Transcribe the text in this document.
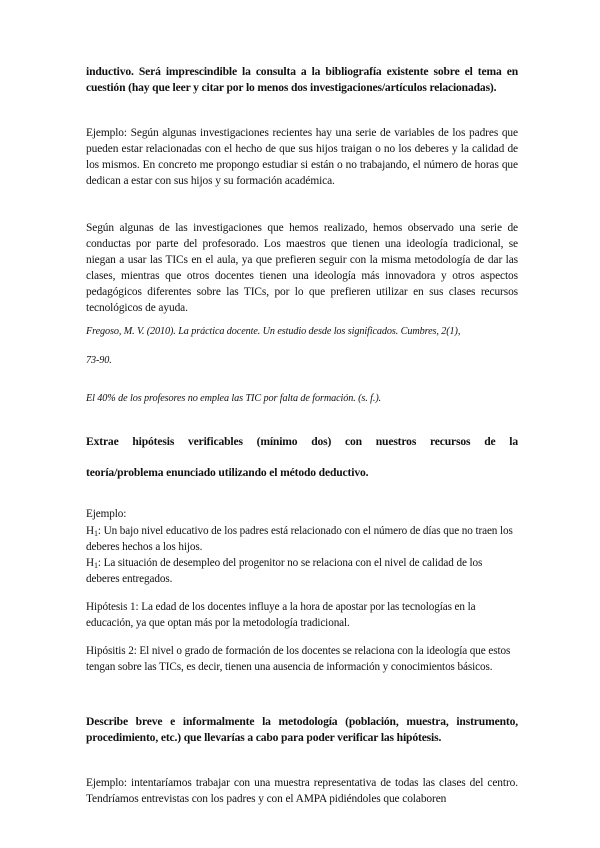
inductivo. Será imprescindible la consulta a la bibliografía existente sobre el tema en cuestión (hay que leer y citar por lo menos dos investigaciones/artículos relacionadas).

Ejemplo: Según algunas investigaciones recientes hay una serie de variables de los padres que pueden estar relacionadas con el hecho de que sus hijos traigan o no los deberes y la calidad de los mismos. En concreto me propongo estudiar si están o no trabajando, el número de horas que dedican a estar con sus hijos y su formación académica.

Según algunas de las investigaciones que hemos realizado, hemos observado una serie de conductas por parte del profesorado. Los maestros que tienen una ideología tradicional, se niegan a usar las TICs en el aula, ya que prefieren seguir con la misma metodología de dar las clases, mientras que otros docentes tienen una ideología más innovadora y otros aspectos pedagógicos diferentes sobre las TICs, por lo que prefieren utilizar en sus clases recursos tecnológicos de ayuda.

Fregoso, M. V. (2010). La práctica docente. Un estudio desde los significados. Cumbres, 2(1),

73-90.

El 40% de los profesores no emplea las TIC por falta de formación. (s. f.).

Extrae hipótesis verificables (mínimo dos) con nuestros recursos de la

teoría/problema enunciado utilizando el método deductivo.

Ejemplo:

$H_1$: Un bajo nivel educativo de los padres está relacionado con el número de días que no traen los deberes hechos a los hijos.

$H_1$: La situación de desempleo del progenitor no se relaciona con el nivel de calidad de los deberes entregados.

Hipótesis 1: La edad de los docentes influye a la hora de apostar por las tecnologías en la educación, ya que optan más por la metodología tradicional.

Hipósitis 2: El nivel o grado de formación de los docentes se relaciona con la ideología que estos tengan sobre las TICs, es decir, tienen una ausencia de información y conocimientos básicos.

Describe breve e informalmente la metodología (población, muestra, instrumento, procedimiento, etc.) que llevarías a cabo para poder verificar las hipótesis.

Ejemplo: intentaríamos trabajar con una muestra representativa de todas las clases del centro. Tendríamos entrevistas con los padres y con el AMPA pidiéndoles que colaboren
